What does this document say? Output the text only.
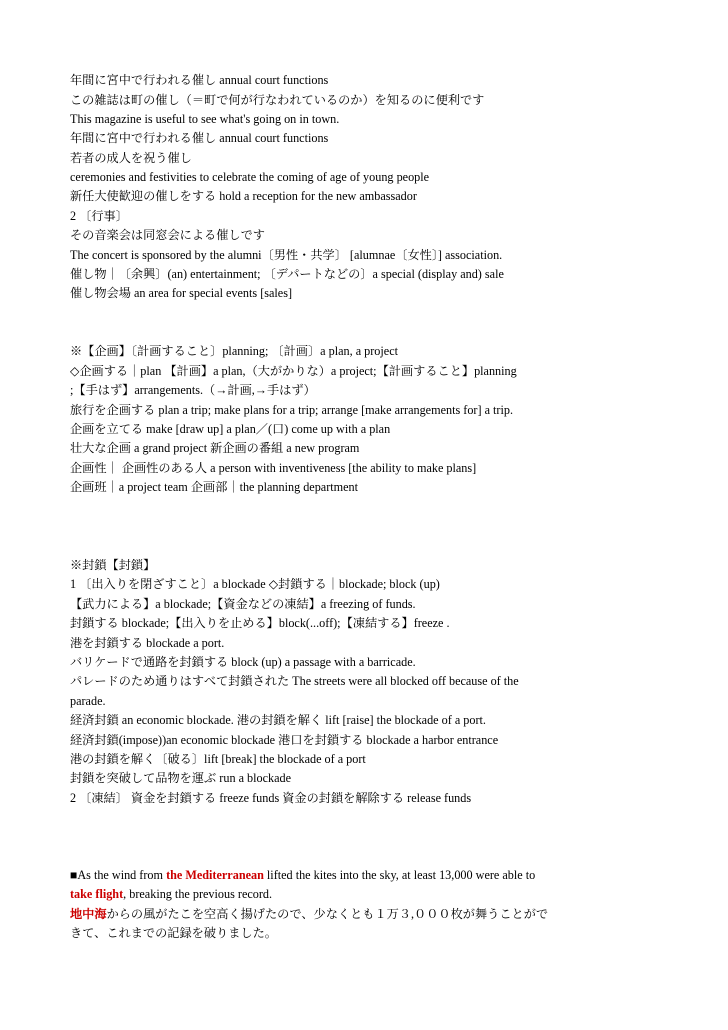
年間に宮中で行われる催し annual court functions
この雑誌は町の催し（＝町で何が行なわれているのか）を知るのに便利です
This magazine is useful to see what's going on in town.
年間に宮中で行われる催し annual court functions
若者の成人を祝う催し
ceremonies and festivities to celebrate the coming of age of young people
新任大使歓迎の催しをする hold a reception for the new ambassador
2 〔行事〕
その音楽会は同窓会による催しです
The concert is sponsored by the alumni〔男性・共学〕 [alumnae〔女性〕] association.
催し物｜〔余興〕(an) entertainment; 〔デパートなどの〕a special (display and) sale
催し物会場 an area for special events [sales]
※【企画】〔計画すること〕planning; 〔計画〕a plan, a project
◇企画する｜plan 【計画】a plan,（大がかりな）a project;【計画すること】planning
;【手はず】arrangements.（→計画,→手はず）
旅行を企画する plan a trip; make plans for a trip; arrange [make arrangements for] a trip.
企画を立てる make [draw up] a plan／(口) come up with a plan
壮大な企画 a grand project 新企画の番組 a new program
企画性｜ 企画性のある人 a person with inventiveness [the ability to make plans]
企画班｜a project team 企画部｜the planning department
※封鎖【封鎖】
1 〔出入りを閉ざすこと〕a blockade ◇封鎖する｜blockade; block (up)
【武力による】a blockade;【資金などの凍結】a freezing of funds.
封鎖する blockade;【出入りを止める】block(...off);【凍結する】freeze .
港を封鎖する blockade a port.
バリケードで通路を封鎖する block (up) a passage with a barricade.
パレードのため通りはすべて封鎖された The streets were all blocked off because of the
parade.
経済封鎖 an economic blockade. 港の封鎖を解く lift [raise] the blockade of a port.
経済封鎖(impose))an economic blockade 港口を封鎖する blockade a harbor entrance
港の封鎖を解く〔破る〕lift [break] the blockade of a port
封鎖を突破して品物を運ぶ run a blockade
2 〔凍結〕 資金を封鎖する freeze funds 資金の封鎖を解除する release funds
■As the wind from the Mediterranean lifted the kites into the sky, at least 13,000 were able to
take flight, breaking the previous record.
地中海からの風がたこを空高く揚げたので、少なくとも１万３,０００枚が舞うことがで
きて、これまでの記録を破りました。
